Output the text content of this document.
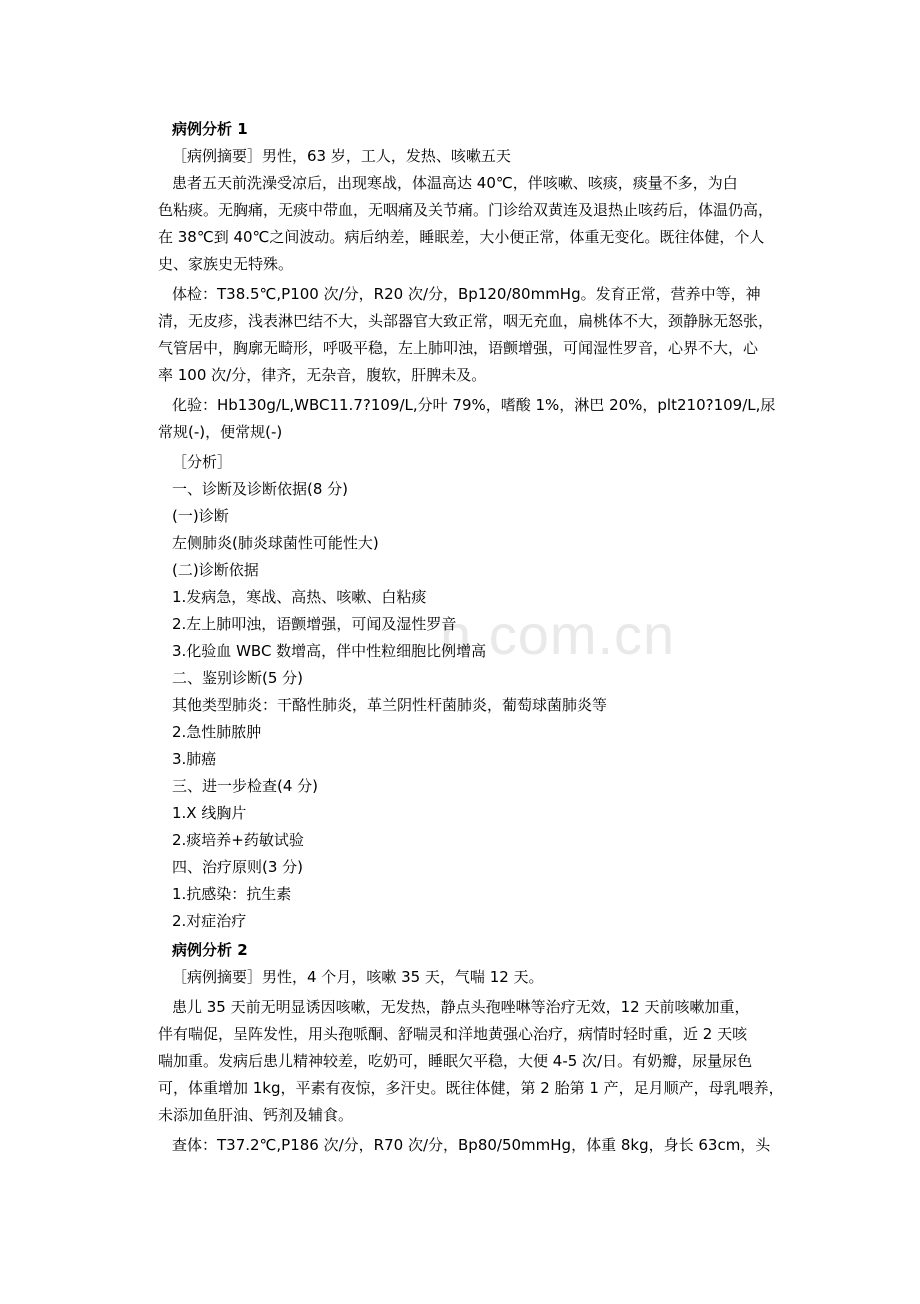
n.com.cn
病例分析 1
［病例摘要］男性，63 岁，工人，发热、咳嗽五天
患者五天前洗澡受凉后，出现寒战，体温高达 40℃，伴咳嗽、咳痰，痰量不多，为白
色粘痰。无胸痛，无痰中带血，无咽痛及关节痛。门诊给双黄连及退热止咳药后，体温仍高，
在 38℃到 40℃之间波动。病后纳差，睡眠差，大小便正常，体重无变化。既往体健，个人
史、家族史无特殊。
体检：T38.5℃,P100 次/分，R20 次/分，Bp120/80mmHg。发育正常，营养中等，神
清，无皮疹，浅表淋巴结不大，头部器官大致正常，咽无充血，扁桃体不大，颈静脉无怒张，
气管居中，胸廓无畸形，呼吸平稳，左上肺叩浊，语颤增强，可闻湿性罗音，心界不大，心
率 100 次/分，律齐，无杂音，腹软，肝脾未及。
化验：Hb130g/L,WBC11.7?109/L,分叶 79%，嗜酸 1%，淋巴 20%，plt210?109/L,尿
常规(-)，便常规(-)
［分析］
一、诊断及诊断依据(8 分)
(一)诊断
左侧肺炎(肺炎球菌性可能性大)
(二)诊断依据
1.发病急，寒战、高热、咳嗽、白粘痰
2.左上肺叩浊，语颤增强，可闻及湿性罗音
3.化验血 WBC 数增高，伴中性粒细胞比例增高
二、鉴别诊断(5 分)
其他类型肺炎：干酪性肺炎，革兰阴性杆菌肺炎，葡萄球菌肺炎等
2.急性肺脓肿
3.肺癌
三、进一步检查(4 分)
1.X 线胸片
2.痰培养+药敏试验
四、治疗原则(3 分)
1.抗感染：抗生素
2.对症治疗
病例分析 2
［病例摘要］男性，4 个月，咳嗽 35 天，气喘 12 天。
患儿 35 天前无明显诱因咳嗽，无发热，静点头孢唑啉等治疗无效，12 天前咳嗽加重，
伴有喘促，呈阵发性，用头孢哌酮、舒喘灵和洋地黄强心治疗，病情时轻时重，近 2 天咳
喘加重。发病后患儿精神较差，吃奶可，睡眠欠平稳，大便 4-5 次/日。有奶瓣，尿量尿色
可，体重增加 1kg，平素有夜惊，多汗史。既往体健，第 2 胎第 1 产，足月顺产，母乳喂养，
未添加鱼肝油、钙剂及辅食。
查体：T37.2℃,P186 次/分，R70 次/分，Bp80/50mmHg，体重 8kg，身长 63cm，头
